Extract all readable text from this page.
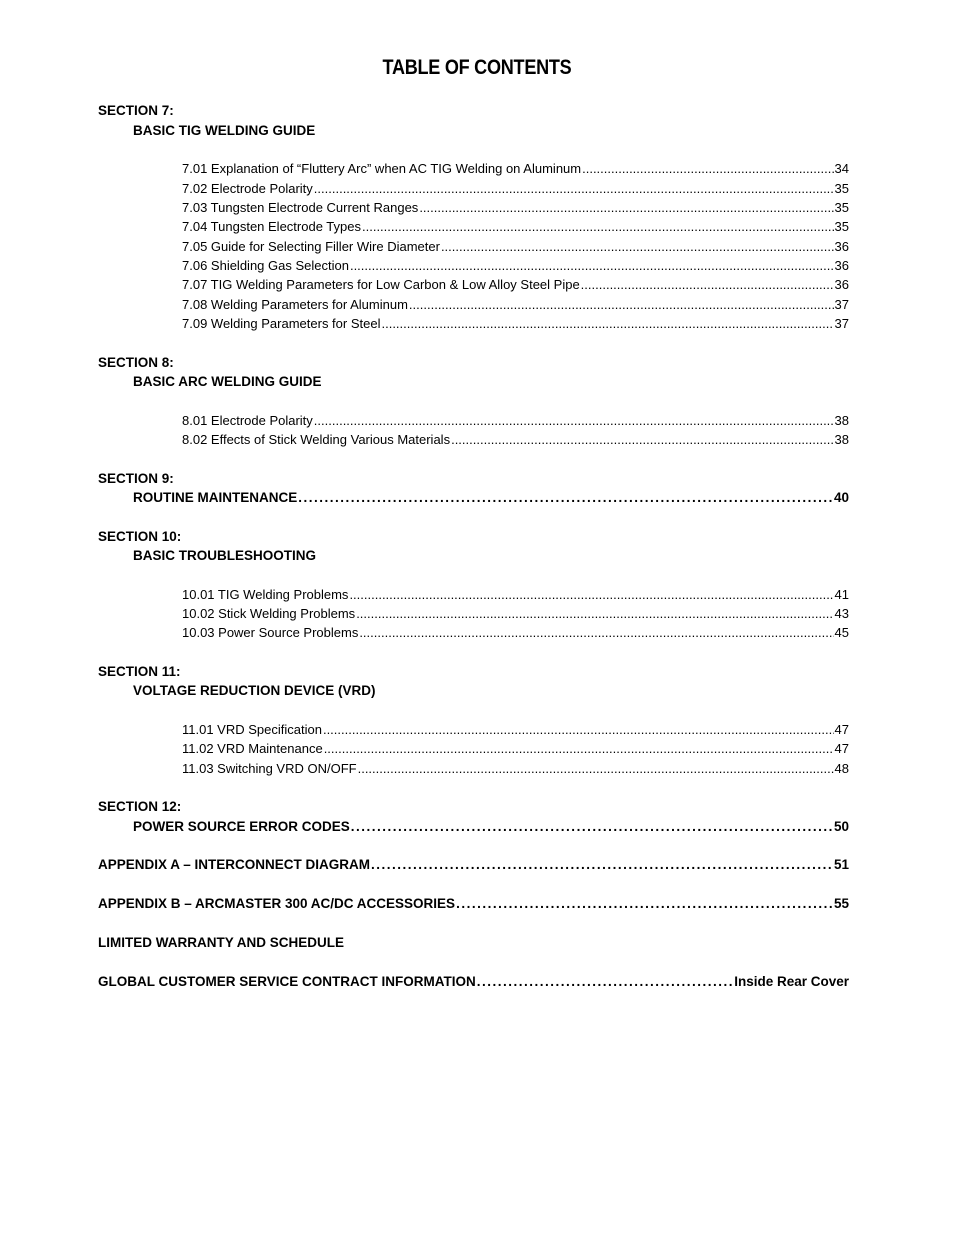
TABLE OF CONTENTS
SECTION 7:
BASIC TIG WELDING GUIDE
7.01 Explanation of “Fluttery Arc” when AC TIG Welding on Aluminum .....	34
7.02 Electrode Polarity .....	35
7.03 Tungsten Electrode Current Ranges .....	35
7.04 Tungsten Electrode Types .....	35
7.05 Guide for Selecting Filler Wire Diameter .....	36
7.06 Shielding Gas Selection .....	36
7.07 TIG Welding Parameters for Low Carbon & Low Alloy Steel Pipe .....	36
7.08 Welding Parameters for Aluminum .....	37
7.09 Welding Parameters for Steel .....	37
SECTION 8:
BASIC ARC WELDING GUIDE
8.01 Electrode Polarity .....	38
8.02 Effects of Stick Welding Various Materials .....	38
SECTION 9:
ROUTINE MAINTENANCE .....	40
SECTION 10:
BASIC TROUBLESHOOTING
10.01 TIG Welding Problems .....	41
10.02 Stick Welding Problems .....	43
10.03 Power Source Problems .....	45
SECTION 11:
VOLTAGE REDUCTION DEVICE (VRD)
11.01 VRD Specification .....	47
11.02 VRD Maintenance .....	47
11.03 Switching VRD ON/OFF .....	48
SECTION 12:
POWER SOURCE ERROR CODES .....	50
APPENDIX A – INTERCONNECT DIAGRAM .....	51
APPENDIX B – ARCMASTER 300 AC/DC ACCESSORIES .....	55
LIMITED WARRANTY AND SCHEDULE
GLOBAL CUSTOMER SERVICE CONTRACT INFORMATION .....	Inside Rear Cover
